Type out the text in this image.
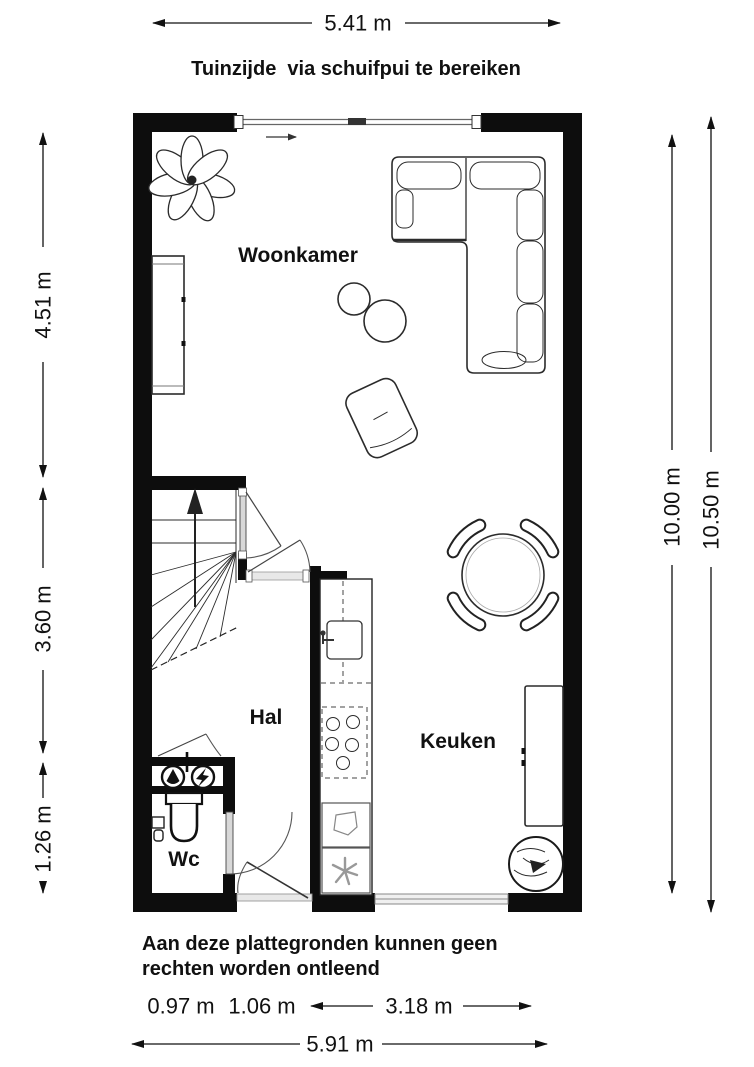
5.41 m
4.51 m
3.60 m
1.26 m
10.00 m 10.50 m
0.97 m 1.06 m	3.18 m
5.91 m
Tuinzijde  via schuifpui te bereiken
Aan deze plattegronden kunnen geen
rechten worden ontleend
Woonkamer
Hal
Wc
Keuken
